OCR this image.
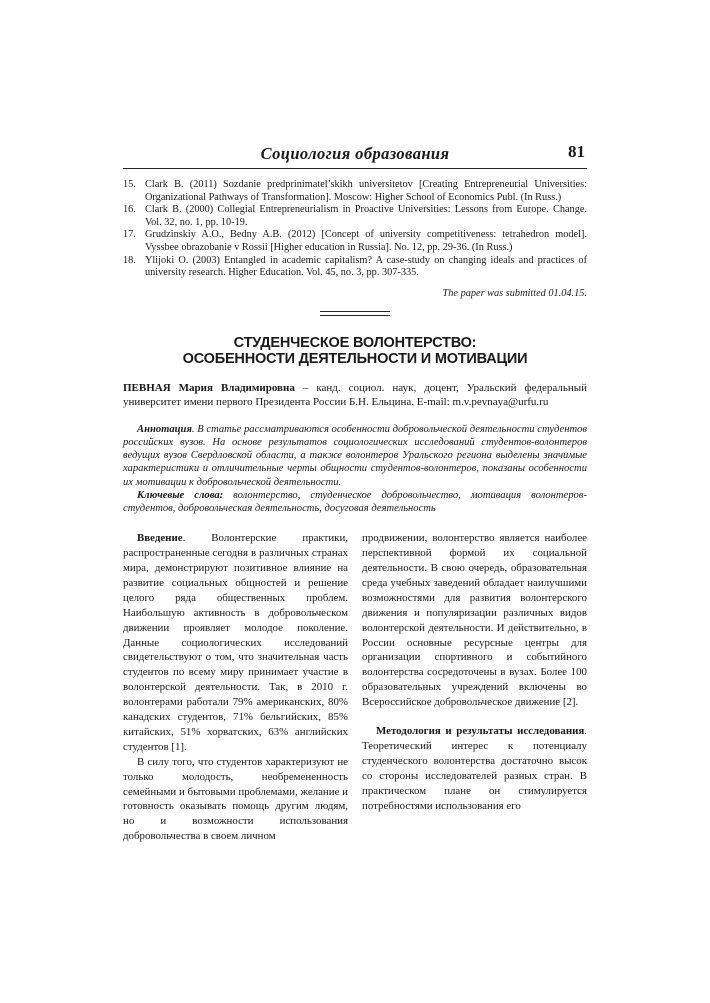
Социология образования	81
15. Clark B. (2011) Sozdanie predprinimatel’skikh universitetov [Creating Entrepreneurial Universities: Organizational Pathways of Transformation]. Moscow: Higher School of Economics Publ. (In Russ.)
16. Clark B. (2000) Collegial Entrepreneurialism in Proactive Universities: Lessons from Europe. Change. Vol. 32, no. 1, pp. 10-19.
17. Grudzinskiy A.O., Bedny A.B. (2012) [Concept of university competitiveness: tetrahedron model]. Vyssbee obrazobanie v Rossii [Higher education in Russia]. No. 12, pp. 29-36. (In Russ.)
18. Ylijoki O. (2003) Entangled in academic capitalism? A case-study on changing ideals and practices of university research. Higher Education. Vol. 45, no. 3, pp. 307-335.
The paper was submitted 01.04.15.
СТУДЕНЧЕСКОЕ ВОЛОНТЕРСТВО:
ОСОБЕННОСТИ ДЕЯТЕЛЬНОСТИ И МОТИВАЦИИ
ПЕВНАЯ Мария Владимировна – канд. социол. наук, доцент, Уральский федеральный университет имени первого Президента России Б.Н. Ельцина. E-mail: m.v.pevnaya@urfu.ru
Аннотация. В статье рассматриваются особенности добровольческой деятельности студентов российских вузов. На основе результатов социологических исследований студентов-волонтеров ведущих вузов Свердловской области, а также волонтеров Уральского региона выделены значимые характеристики и отличительные черты общности студентов-волонтеров, показаны особенности их мотивации к добровольческой деятельности.
Ключевые слова: волонтерство, студенческое добровольчество, мотивация волонтеров-студентов, добровольческая деятельность, досуговая деятельность

Введение. Волонтерские практики, распространенные сегодня в различных странах мира, демонстрируют позитивное влияние на развитие социальных общностей и решение целого ряда общественных проблем. Наибольшую активность в добровольческом движении проявляет молодое поколение. Данные социологических исследований свидетельствуют о том, что значительная часть студентов по всему миру принимает участие в волонтерской деятельности. Так, в 2010 г. волонтерами работали 79% американских, 80% канадских студентов, 71% бельгийских, 85% китайских, 51% хорватских, 63% английских студентов [1].

В силу того, что студентов характеризуют не только молодость, необремененность семейными и бытовыми проблемами, желание и готовность оказывать помощь другим людям, но и возможности использования добровольчества в своем личном

продвижении, волонтерство является наиболее перспективной формой их социальной деятельности. В свою очередь, образовательная среда учебных заведений обладает наилучшими возможностями для развития волонтерского движения и популяризации различных видов волонтерской деятельности. И действительно, в России основные ресурсные центры для организации спортивного и событийного волонтерства сосредоточены в вузах. Более 100 образовательных учреждений включены во Всероссийское добровольческое движение [2].

Методология и результаты исследования. Теоретический интерес к потенциалу студенческого волонтерства достаточно высок со стороны исследователей разных стран. В практическом плане он стимулируется потребностями использования его
